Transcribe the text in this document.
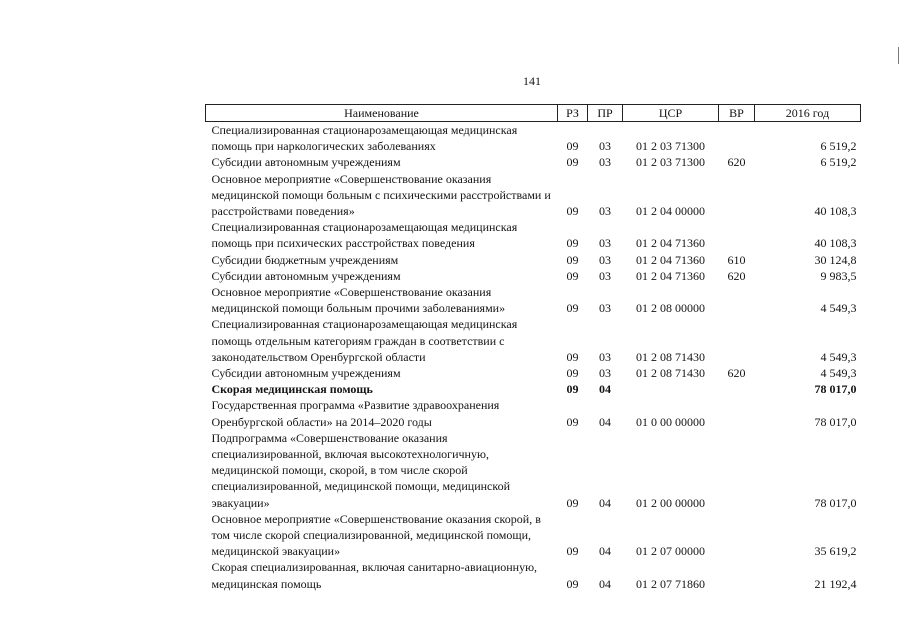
141
Наименование	РЗ	ПР	ЦСР	ВР	2016 год
Специализированная стационарозамещающая медицинская помощь при наркологических заболеваниях	09	03	01 2 03 71300		6 519,2
Субсидии автономным учреждениям	09	03	01 2 03 71300	620	6 519,2
Основное мероприятие «Совершенствование оказания медицинской помощи больным с психическими расстройствами и расстройствами поведения»	09	03	01 2 04 00000		40 108,3
Специализированная стационарозамещающая медицинская помощь при психических расстройствах поведения	09	03	01 2 04 71360		40 108,3
Субсидии бюджетным учреждениям	09	03	01 2 04 71360	610	30 124,8
Субсидии автономным учреждениям	09	03	01 2 04 71360	620	9 983,5
Основное мероприятие «Совершенствование оказания медицинской помощи больным прочими заболеваниями»	09	03	01 2 08 00000		4 549,3
Специализированная стационарозамещающая медицинская помощь отдельным категориям граждан в соответствии с законодательством Оренбургской области	09	03	01 2 08 71430		4 549,3
Субсидии автономным учреждениям	09	03	01 2 08 71430	620	4 549,3
Скорая медицинская помощь	09	04			78 017,0
Государственная программа «Развитие здравоохранения Оренбургской области» на 2014–2020 годы	09	04	01 0 00 00000		78 017,0
Подпрограмма «Совершенствование оказания специализированной, включая высокотехнологичную, медицинской помощи, скорой, в том числе скорой специализированной, медицинской помощи, медицинской эвакуации»	09	04	01 2 00 00000		78 017,0
Основное мероприятие «Совершенствование оказания скорой, в том числе скорой специализированной, медицинской помощи, медицинской эвакуации»	09	04	01 2 07 00000		35 619,2
Скорая специализированная, включая санитарно-авиационную, медицинская помощь	09	04	01 2 07 71860		21 192,4
